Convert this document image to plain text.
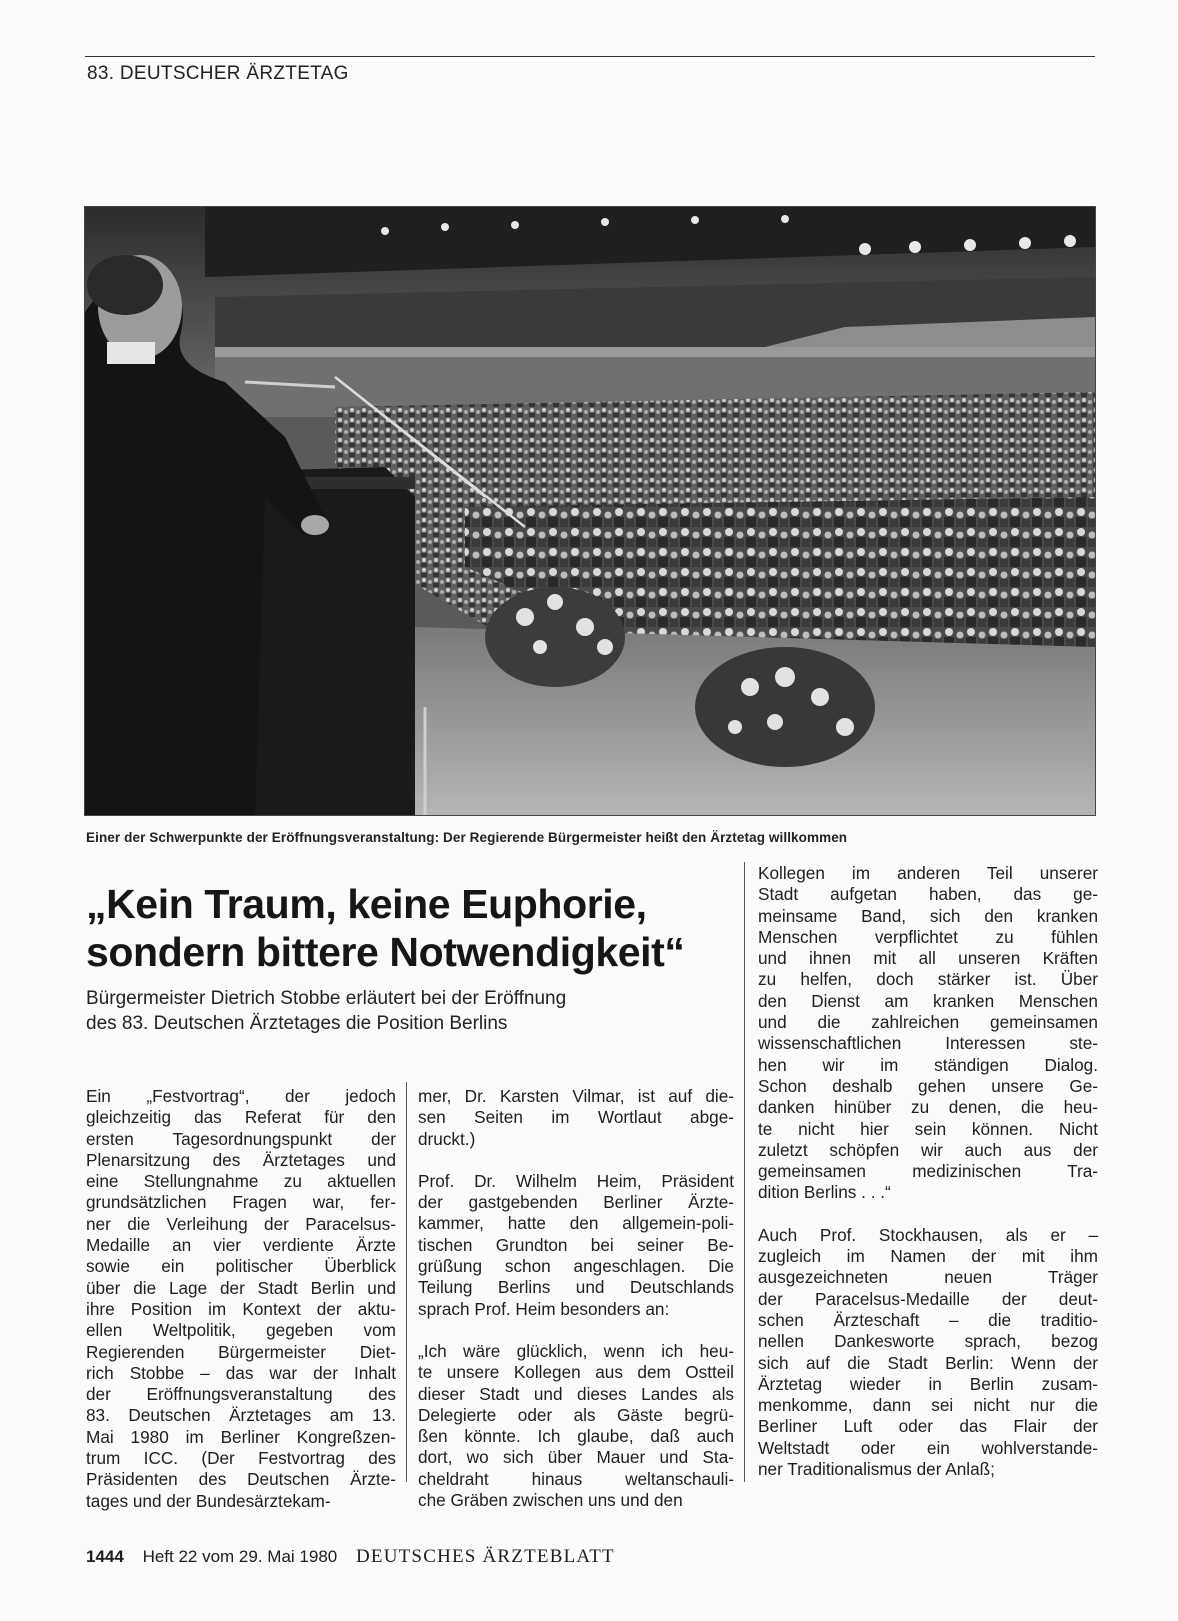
83. DEUTSCHER ÄRZTETAG
Einer der Schwerpunkte der Eröffnungsveranstaltung: Der Regierende Bürgermeister heißt den Ärztetag willkommen
„Kein Traum, keine Euphorie,
sondern bittere Notwendigkeit“
Bürgermeister Dietrich Stobbe erläutert bei der Eröffnung
des 83. Deutschen Ärztetages die Position Berlins

Ein „Festvortrag“, der jedoch
gleichzeitig das Referat für den
ersten Tagesordnungspunkt der
Plenarsitzung des Ärztetages und
eine Stellungnahme zu aktuellen
grundsätzlichen Fragen war, fer-
ner die Verleihung der Paracelsus-
Medaille an vier verdiente Ärzte
sowie ein politischer Überblick
über die Lage der Stadt Berlin und
ihre Position im Kontext der aktu-
ellen Weltpolitik, gegeben vom
Regierenden Bürgermeister Diet-
rich Stobbe – das war der Inhalt
der Eröffnungsveranstaltung des
83. Deutschen Ärztetages am 13.
Mai 1980 im Berliner Kongreßzen-
trum ICC. (Der Festvortrag des
Präsidenten des Deutschen Ärzte-
tages und der Bundesärztekam-

mer, Dr. Karsten Vilmar, ist auf die-
sen Seiten im Wortlaut abge-
druckt.)

Prof. Dr. Wilhelm Heim, Präsident
der gastgebenden Berliner Ärzte-
kammer, hatte den allgemein-poli-
tischen Grundton bei seiner Be-
grüßung schon angeschlagen. Die
Teilung Berlins und Deutschlands
sprach Prof. Heim besonders an:

„Ich wäre glücklich, wenn ich heu-
te unsere Kollegen aus dem Ostteil
dieser Stadt und dieses Landes als
Delegierte oder als Gäste begrü-
ßen könnte. Ich glaube, daß auch
dort, wo sich über Mauer und Sta-
cheldraht hinaus weltanschauli-
che Gräben zwischen uns und den

Kollegen im anderen Teil unserer
Stadt aufgetan haben, das ge-
meinsame Band, sich den kranken
Menschen verpflichtet zu fühlen
und ihnen mit all unseren Kräften
zu helfen, doch stärker ist. Über
den Dienst am kranken Menschen
und die zahlreichen gemeinsamen
wissenschaftlichen Interessen ste-
hen wir im ständigen Dialog.
Schon deshalb gehen unsere Ge-
danken hinüber zu denen, die heu-
te nicht hier sein können. Nicht
zuletzt schöpfen wir auch aus der
gemeinsamen medizinischen Tra-
dition Berlins . . .“

Auch Prof. Stockhausen, als er –
zugleich im Namen der mit ihm
ausgezeichneten neuen Träger
der Paracelsus-Medaille der deut-
schen Ärzteschaft – die traditio-
nellen Dankesworte sprach, bezog
sich auf die Stadt Berlin: Wenn der
Ärztetag wieder in Berlin zusam-
menkomme, dann sei nicht nur die
Berliner Luft oder das Flair der
Weltstadt oder ein wohlverstande-
ner Traditionalismus der Anlaß;

1444 Heft 22 vom 29. Mai 1980 DEUTSCHES ÄRZTEBLATT
